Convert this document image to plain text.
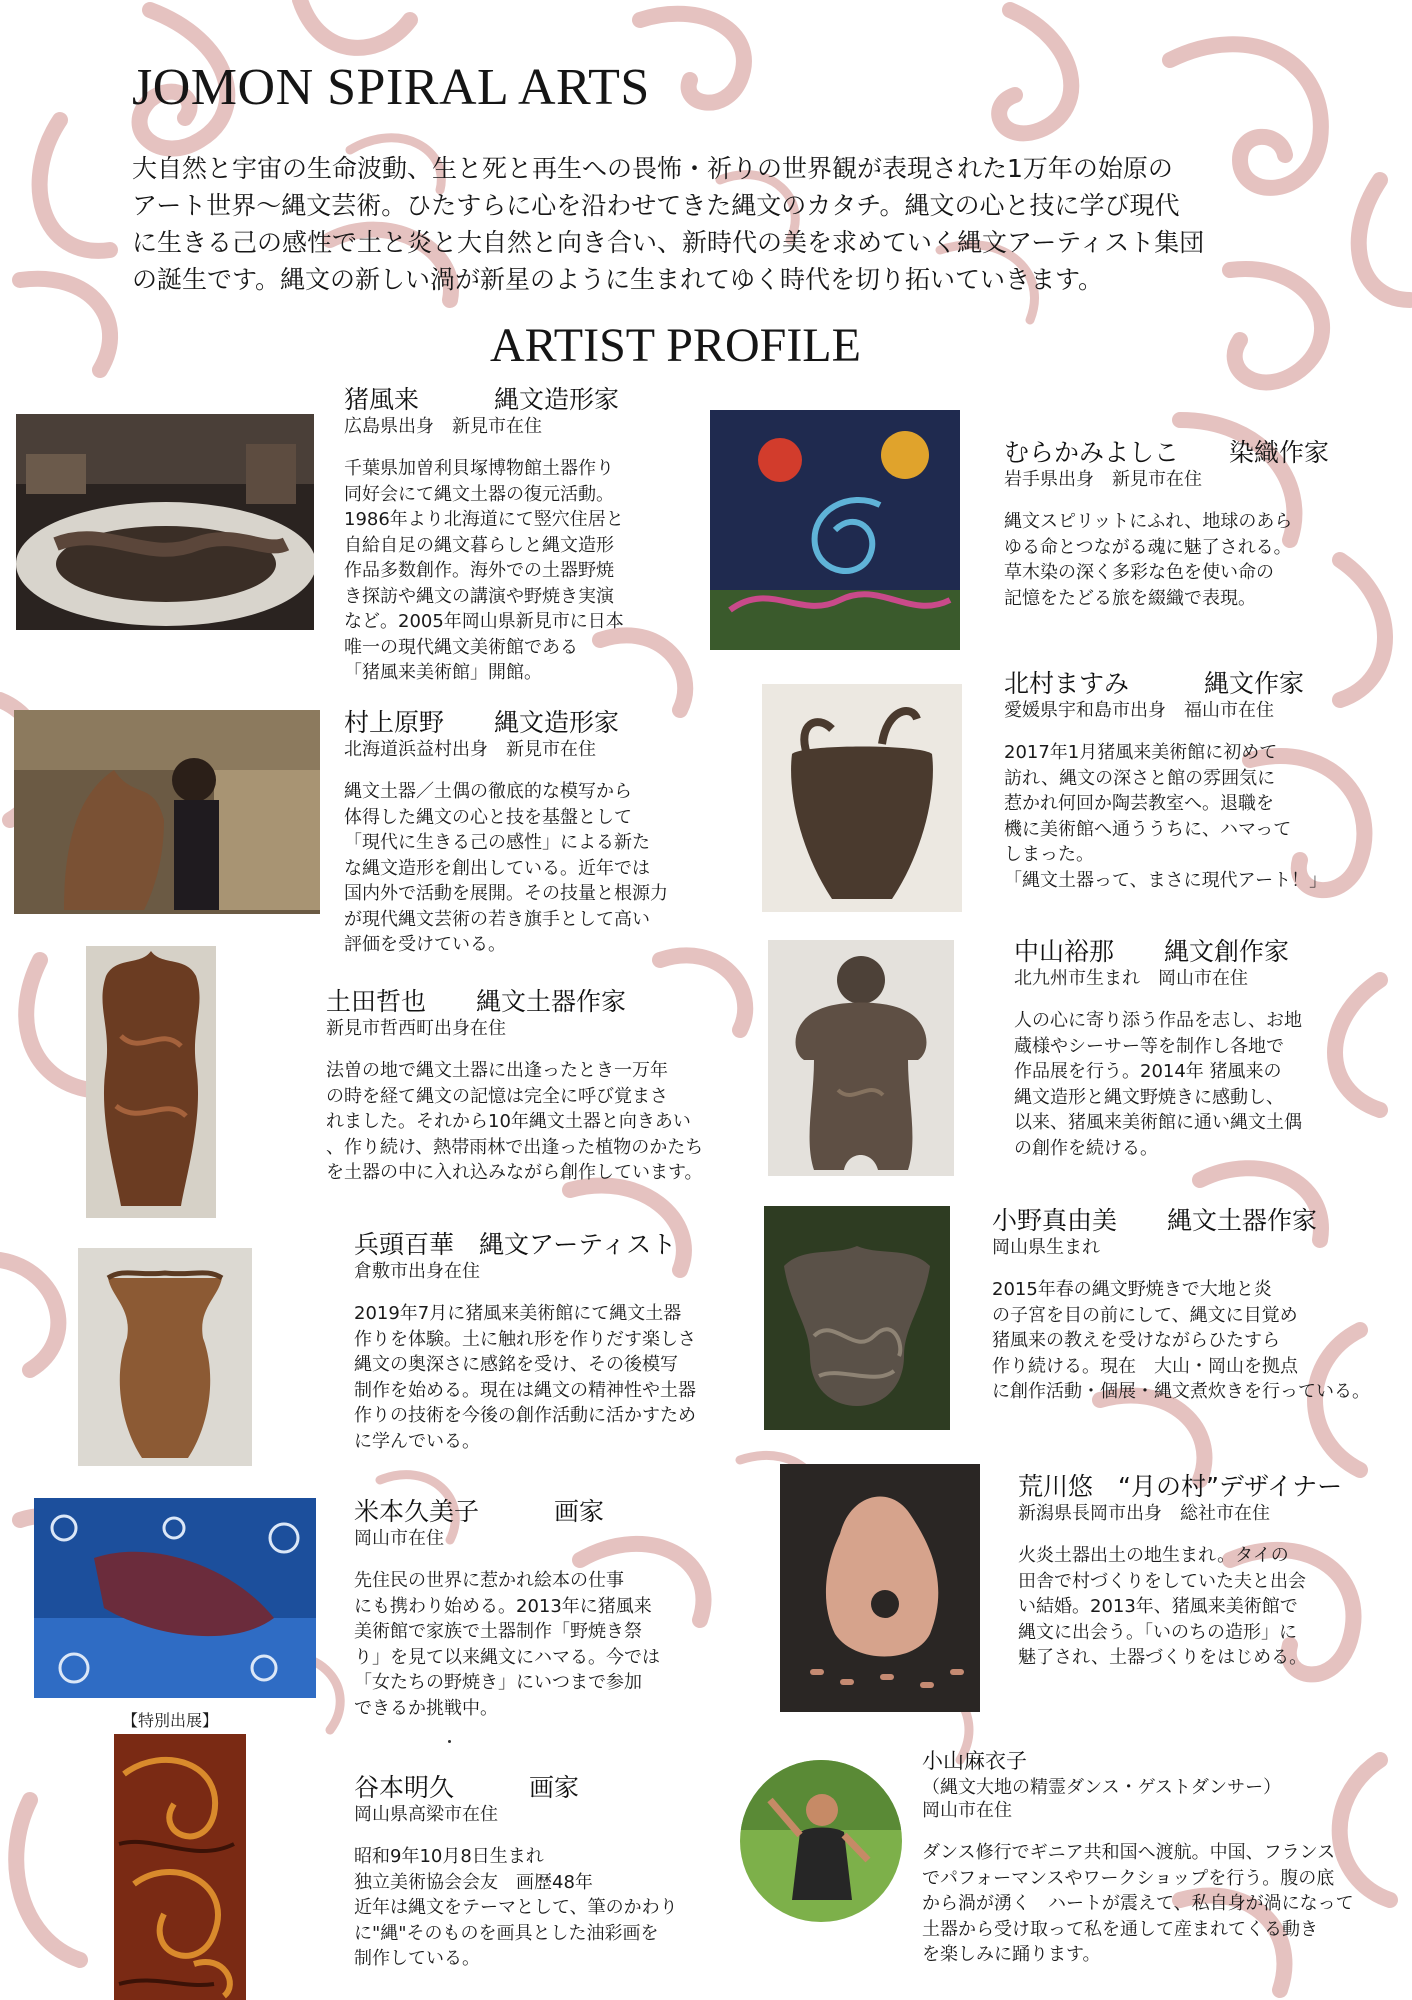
JOMON SPIRAL ARTS
大自然と宇宙の生命波動、生と死と再生への畏怖・祈りの世界観が表現された1万年の始原の
アート世界～縄文芸術。ひたすらに心を沿わせてきた縄文のカタチ。縄文の心と技に学び現代
に生きる己の感性で土と炎と大自然と向き合い、新時代の美を求めていく縄文アーティスト集団
の誕生です。縄文の新しい渦が新星のように生まれてゆく時代を切り拓いていきます。
ARTIST PROFILE
猪風来　　　縄文造形家
広島県出身　新見市在住
千葉県加曽利貝塚博物館土器作り
同好会にて縄文土器の復元活動。
1986年より北海道にて竪穴住居と
自給自足の縄文暮らしと縄文造形
作品多数創作。海外での土器野焼
き探訪や縄文の講演や野焼き実演
など。2005年岡山県新見市に日本
唯一の現代縄文美術館である
「猪風来美術館」開館。
村上原野　　縄文造形家
北海道浜益村出身　新見市在住
縄文土器／土偶の徹底的な模写から
体得した縄文の心と技を基盤として
「現代に生きる己の感性」による新た
な縄文造形を創出している。近年では
国内外で活動を展開。その技量と根源力
が現代縄文芸術の若き旗手として高い
評価を受けている。
土田哲也　　縄文土器作家
新見市哲西町出身在住
法曽の地で縄文土器に出逢ったとき一万年
の時を経て縄文の記憶は完全に呼び覚まさ
れました。それから10年縄文土器と向きあい
、作り続け、熱帯雨林で出逢った植物のかたち
を土器の中に入れ込みながら創作しています。
兵頭百華　縄文アーティスト
倉敷市出身在住
2019年7月に猪風来美術館にて縄文土器
作りを体験。土に触れ形を作りだす楽しさ
縄文の奥深さに感銘を受け、その後模写
制作を始める。現在は縄文の精神性や土器
作りの技術を今後の創作活動に活かすため
に学んでいる。
米本久美子　　　画家
岡山市在住
先住民の世界に惹かれ絵本の仕事
にも携わり始める。2013年に猪風来
美術館で家族で土器制作「野焼き祭
り」を見て以来縄文にハマる。今では
「女たちの野焼き」にいつまで参加
できるか挑戦中。
谷本明久　　　画家
岡山県高梁市在住
昭和9年10月8日生まれ
独立美術協会会友　画歴48年
近年は縄文をテーマとして、筆のかわり
に"縄"そのものを画具とした油彩画を
制作している。
むらかみよしこ　　染織作家
岩手県出身　新見市在住
縄文スピリットにふれ、地球のあら
ゆる命とつながる魂に魅了される。
草木染の深く多彩な色を使い命の
記憶をたどる旅を綴織で表現。
北村ますみ　　　縄文作家
愛媛県宇和島市出身　福山市在住
2017年1月猪風来美術館に初めて
訪れ、縄文の深さと館の雰囲気に
惹かれ何回か陶芸教室へ。退職を
機に美術館へ通ううちに、ハマって
しまった。
「縄文土器って、まさに現代アート！」
中山裕那　　縄文創作家
北九州市生まれ　岡山市在住
人の心に寄り添う作品を志し、お地
蔵様やシーサー等を制作し各地で
作品展を行う。2014年 猪風来の
縄文造形と縄文野焼きに感動し、
以来、猪風来美術館に通い縄文土偶
の創作を続ける。
小野真由美　　縄文土器作家
岡山県生まれ
2015年春の縄文野焼きで大地と炎
の子宮を目の前にして、縄文に目覚め
猪風来の教えを受けながらひたすら
作り続ける。現在　大山・岡山を拠点
に創作活動・個展・縄文煮炊きを行っている。
荒川悠　“月の村”デザイナー
新潟県長岡市出身　総社市在住
火炎土器出土の地生まれ。タイの
田舎で村づくりをしていた夫と出会
い結婚。2013年、猪風来美術館で
縄文に出会う。「いのちの造形」に
魅了され、土器づくりをはじめる。
小山麻衣子
（縄文大地の精霊ダンス・ゲストダンサー）
岡山市在住
ダンス修行でギニア共和国へ渡航。中国、フランス
でパフォーマンスやワークショップを行う。腹の底
から渦が湧く　ハートが震えて、私自身が渦になって
土器から受け取って私を通して産まれてくる動き
を楽しみに踊ります。
【特別出展】
